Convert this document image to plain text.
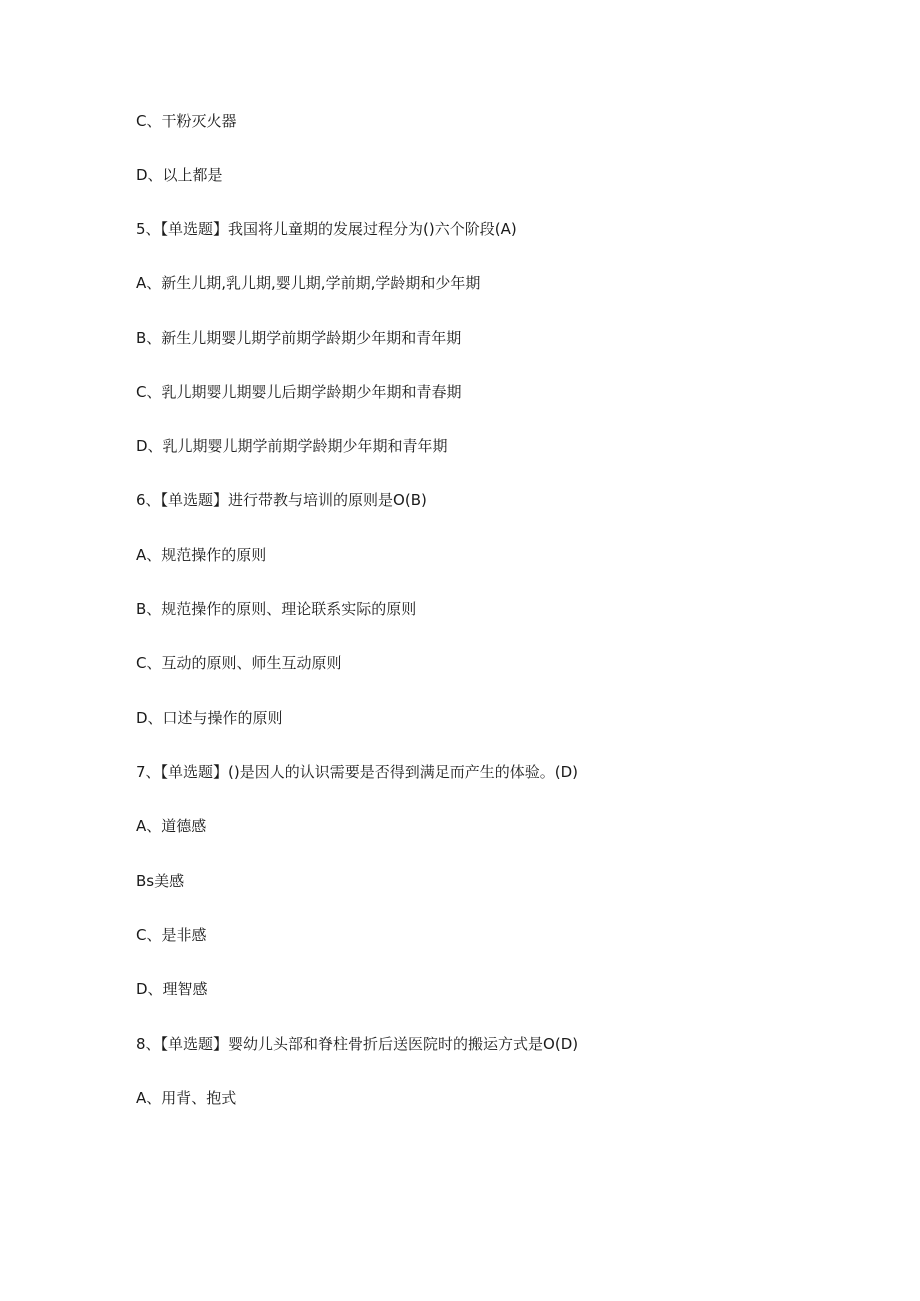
C、干粉灭火器
D、以上都是
5、【单选题】我国将儿童期的发展过程分为()六个阶段(A)
A、新生儿期,乳儿期,婴儿期,学前期,学龄期和少年期
B、新生儿期婴儿期学前期学龄期少年期和青年期
C、乳儿期婴儿期婴儿后期学龄期少年期和青春期
D、乳儿期婴儿期学前期学龄期少年期和青年期
6、【单选题】进行带教与培训的原则是O(B)
A、规范操作的原则
B、规范操作的原则、理论联系实际的原则
C、互动的原则、师生互动原则
D、口述与操作的原则
7、【单选题】()是因人的认识需要是否得到满足而产生的体验。(D)
A、道德感
Bs美感
C、是非感
D、理智感
8、【单选题】婴幼儿头部和脊柱骨折后送医院时的搬运方式是O(D)
A、用背、抱式
